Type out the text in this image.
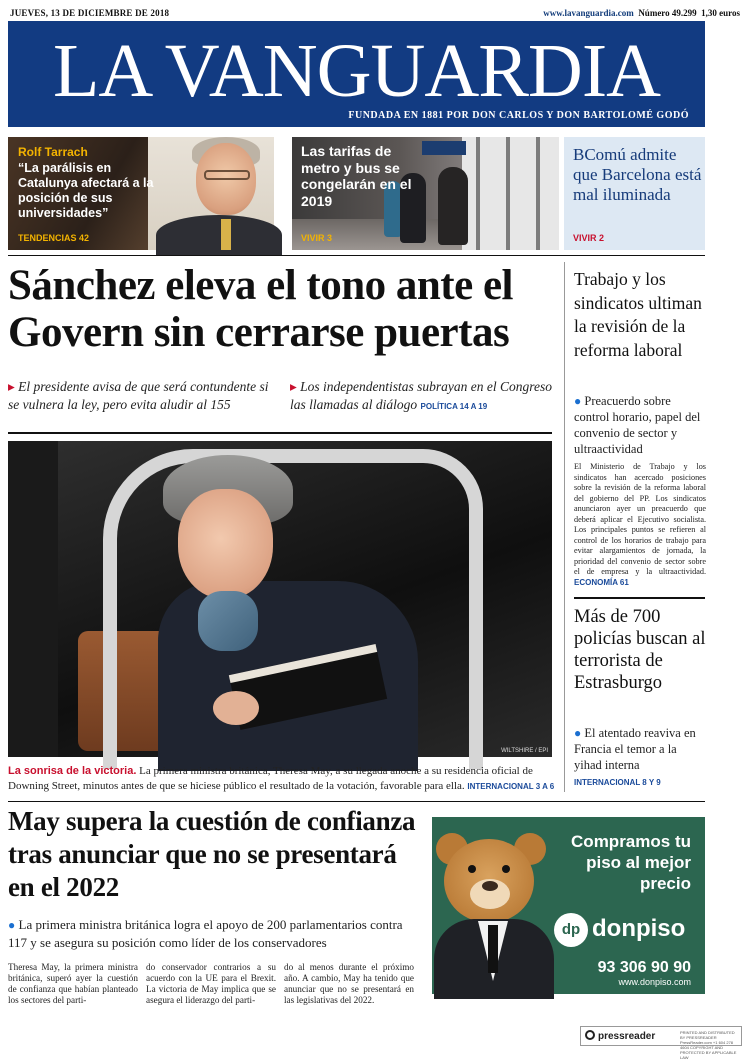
JUEVES, 13 DE DICIEMBRE DE 2018	www.lavanguardia.com Número 49.299 1,30 euros
LA VANGUARDIA
FUNDADA EN 1881 POR DON CARLOS Y DON BARTOLOMÉ GODÓ
Rolf Tarrach
“La parálisis en Catalunya afectará a la posición de sus universidades”
TENDENCIAS 42
Las tarifas de metro y bus se congelarán en el 2019
VIVIR 3
BComú admite que Barcelona está mal iluminada
VIVIR 2
Sánchez eleva el tono ante el Govern sin cerrarse puertas
▸ El presidente avisa de que será contundente si se vulnera la ley, pero evita aludir al 155
▸ Los independentistas subrayan en el Congreso las llamadas al diálogo POLÍTICA 14 A 19
WILTSHIRE / EPI
La sonrisa de la victoria. La primera ministra británica, Theresa May, a su llegada anoche a su residencia oficial de Downing Street, minutos antes de que se hiciese público el resultado de la votación, favorable para ella. INTERNACIONAL 3 A 6
May supera la cuestión de confianza tras anunciar que no se presentará en el 2022
● La primera ministra británica logra el apoyo de 200 parlamentarios contra 117 y se asegura su posición como líder de los conservadores
Theresa May, la primera ministra británica, superó ayer la cuestión de confianza que habían planteado los sectores del parti-
do conservador contrarios a su acuerdo con la UE para el Brexit. La victoria de May implica que se asegura el liderazgo del parti-
do al menos durante el próximo año. A cambio, May ha tenido que anunciar que no se presentará en las legislativas del 2022.
Trabajo y los sindicatos ultiman la revisión de la reforma laboral
● Preacuerdo sobre control horario, papel del convenio de sector y ultraactividad
El Ministerio de Trabajo y los sindicatos han acercado posiciones sobre la revisión de la reforma laboral del gobierno del PP. Los sindicatos anunciaron ayer un preacuerdo que deberá aplicar el Ejecutivo socialista. Los principales puntos se refieren al control de los horarios de trabajo para evitar alargamientos de jornada, la prioridad del convenio de sector sobre el de empresa y la ultraactividad. ECONOMÍA 61
Más de 700 policías buscan al terrorista de Estrasburgo
● El atentado reaviva en Francia el temor a la yihad interna
INTERNACIONAL 8 Y 9
Compramos tu piso al mejor precio
dp donpiso
93 306 90 90
www.donpiso.com
pressreader	PRINTED AND DISTRIBUTED BY PRESSREADER PressReader.com +1 604 278 4604 COPYRIGHT AND PROTECTED BY APPLICABLE LAW
